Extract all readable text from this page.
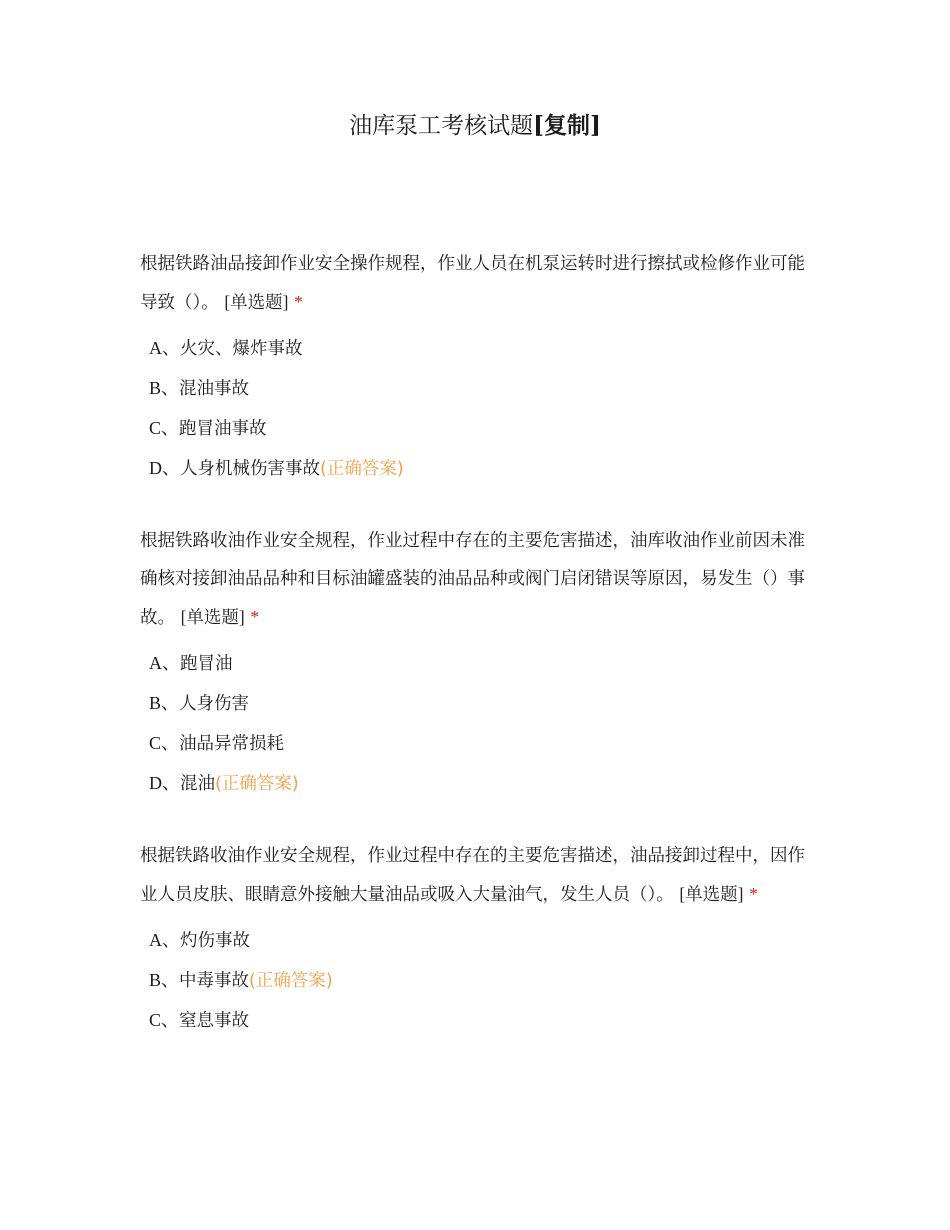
油库泵工考核试题[复制]

根据铁路油品接卸作业安全操作规程，作业人员在机泵运转时进行擦拭或检修作业可能导致（）。 [单选题] *

A、火灾、爆炸事故
B、混油事故
C、跑冒油事故
D、人身机械伤害事故(正确答案)

根据铁路收油作业安全规程，作业过程中存在的主要危害描述，油库收油作业前因未准确核对接卸油品品种和目标油罐盛装的油品品种或阀门启闭错误等原因，易发生（）事故。 [单选题] *

A、跑冒油
B、人身伤害
C、油品异常损耗
D、混油(正确答案)

根据铁路收油作业安全规程，作业过程中存在的主要危害描述，油品接卸过程中，因作业人员皮肤、眼睛意外接触大量油品或吸入大量油气，发生人员（）。 [单选题] *

A、灼伤事故
B、中毒事故(正确答案)
C、窒息事故
